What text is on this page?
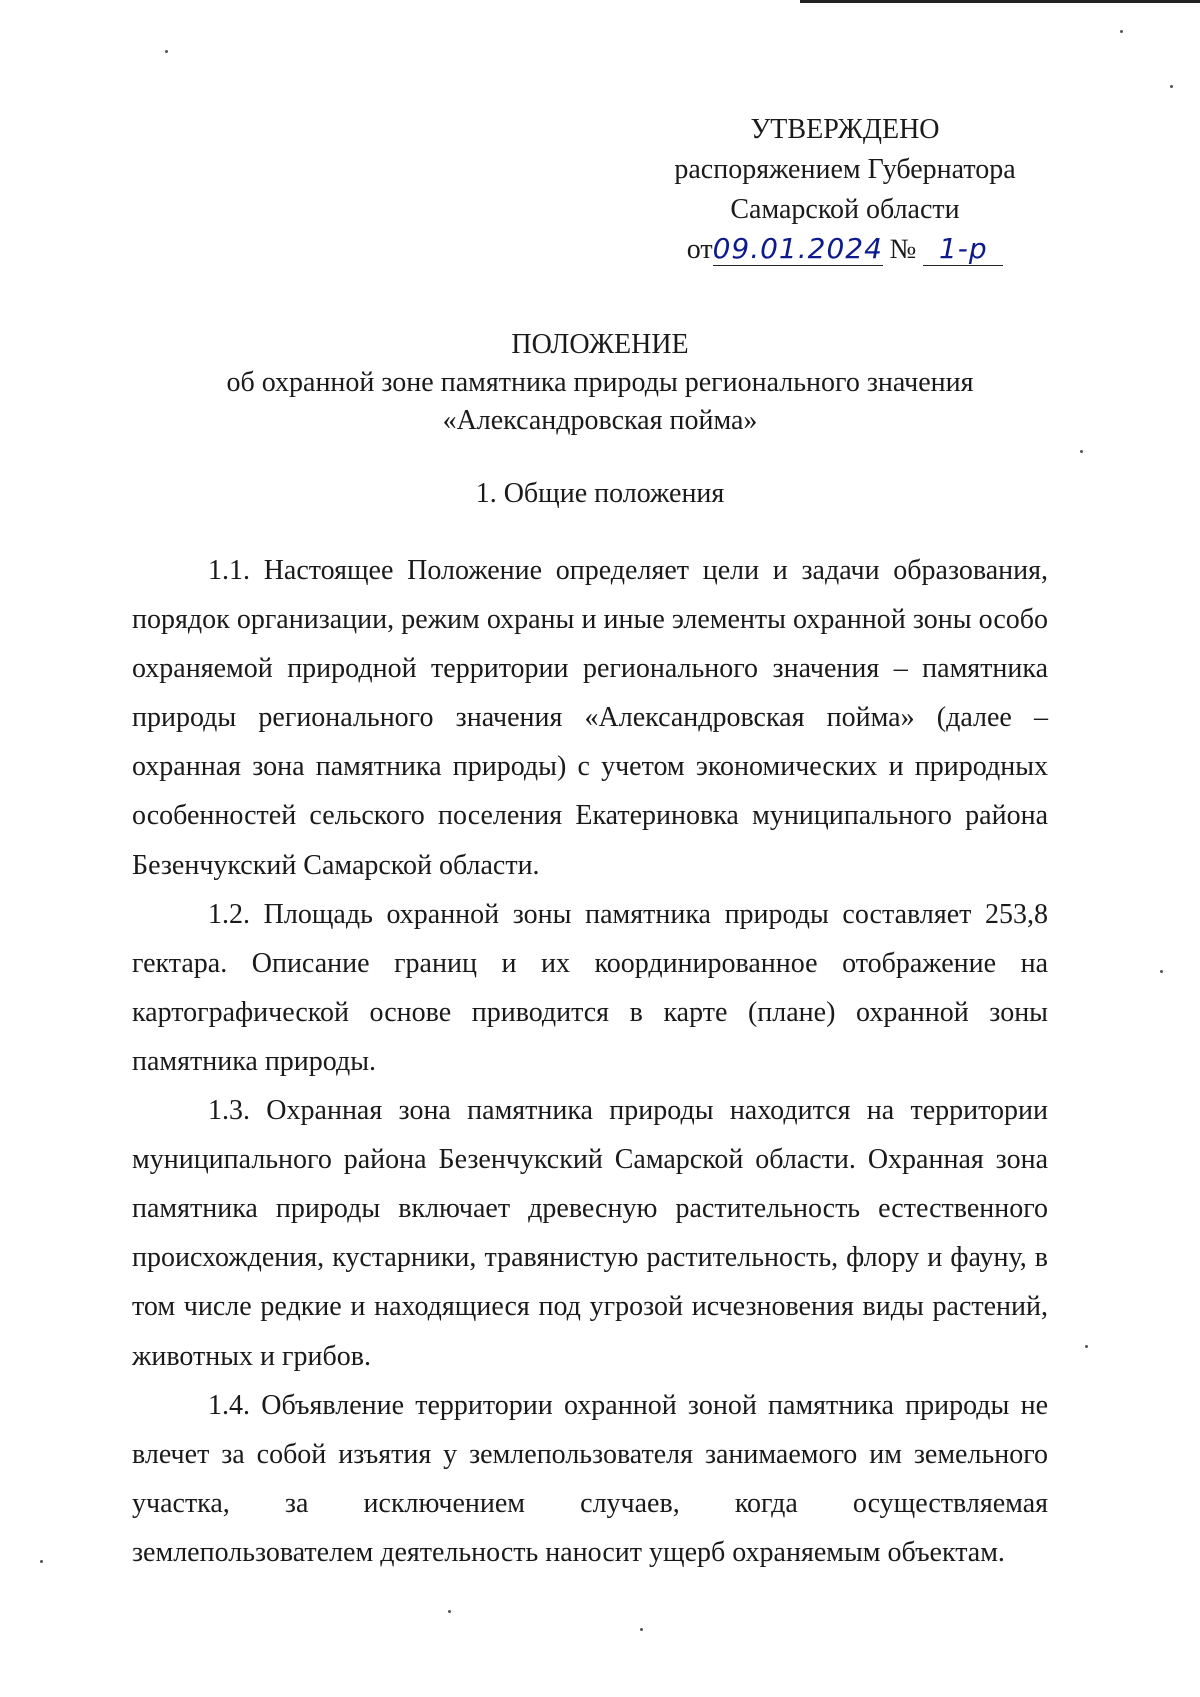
УТВЕРЖДЕНО
распоряжением Губернатора
Самарской области
от09.01.2024 № 1-р
ПОЛОЖЕНИЕ
об охранной зоне памятника природы регионального значения
«Александровская пойма»
1. Общие положения

1.1. Настоящее Положение определяет цели и задачи образования, порядок организации, режим охраны и иные элементы охранной зоны особо охраняемой природной территории регионального значения – памятника природы регионального значения «Александровская пойма» (далее – охранная зона памятника природы) с учетом экономических и природных особенностей сельского поселения Екатериновка муниципального района Безенчукский Самарской области.

1.2. Площадь охранной зоны памятника природы составляет 253,8 гектара. Описание границ и их координированное отображение на картографической основе приводится в карте (плане) охранной зоны памятника природы.

1.3. Охранная зона памятника природы находится на территории муниципального района Безенчукский Самарской области. Охранная зона памятника природы включает древесную растительность естественного происхождения, кустарники, травянистую растительность, флору и фауну, в том числе редкие и находящиеся под угрозой исчезновения виды растений, животных и грибов.

1.4. Объявление территории охранной зоной памятника природы не влечет за собой изъятия у землепользователя занимаемого им земельного участка, за исключением случаев, когда осуществляемая землепользователем деятельность наносит ущерб охраняемым объектам.
